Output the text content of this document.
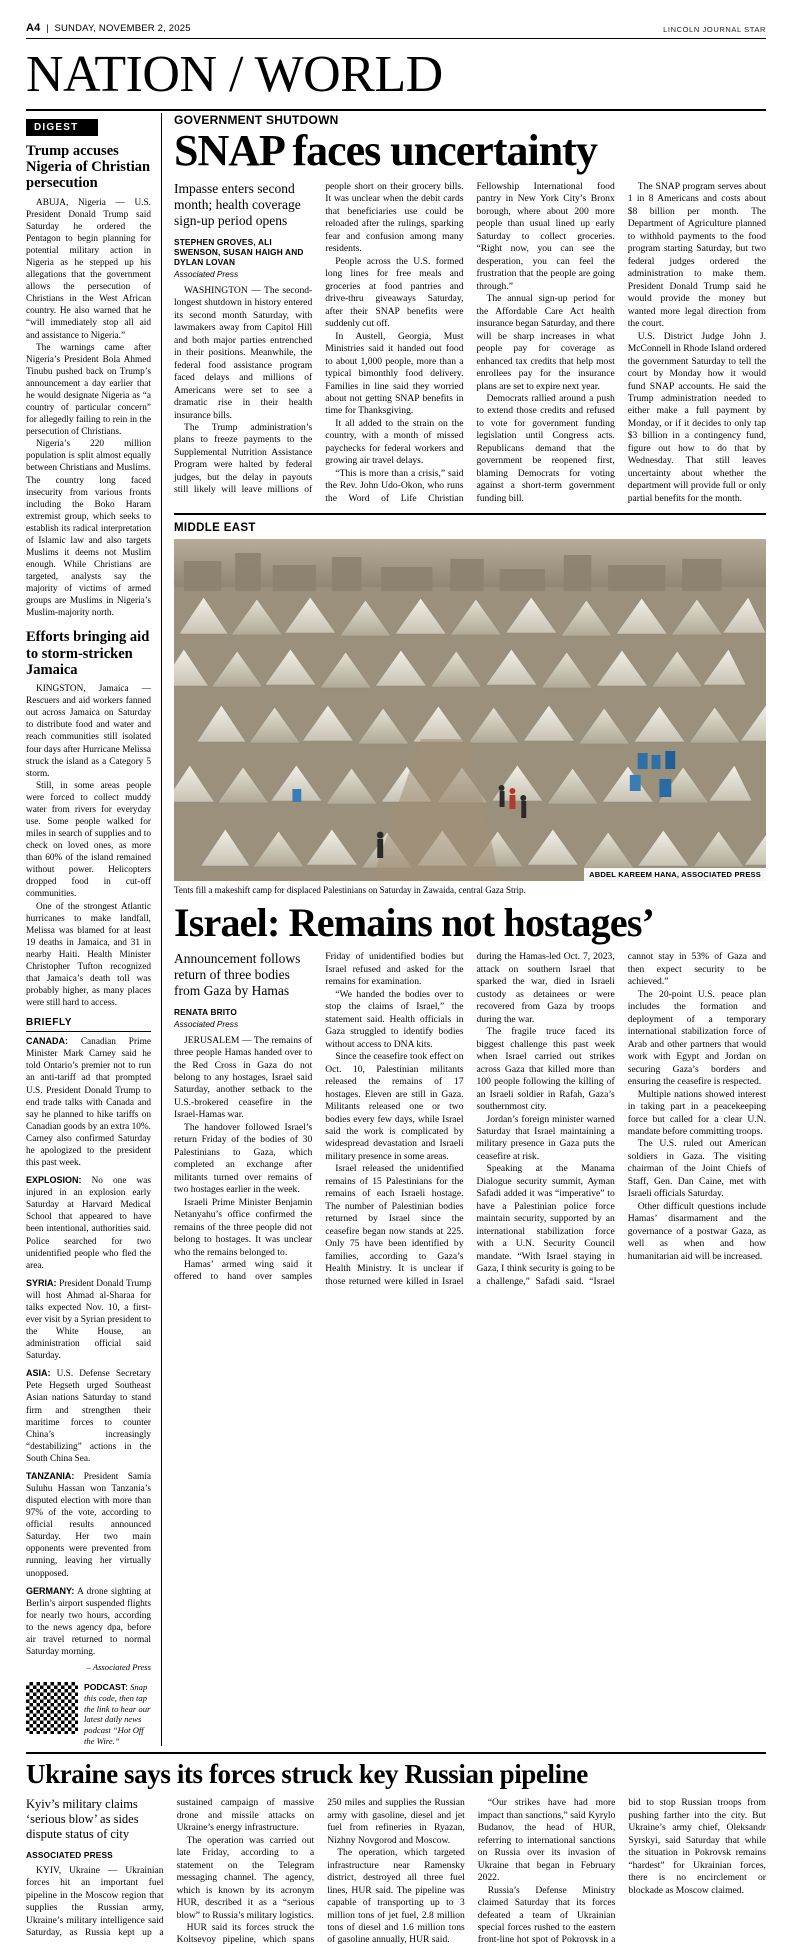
A4  |  SUNDAY, NOVEMBER 2, 2025	LINCOLN JOURNAL STAR
NATION / WORLD
DIGEST
Trump accuses Nigeria of Christian persecution

ABUJA, Nigeria — U.S. President Donald Trump said Saturday he ordered the Pentagon to begin planning for potential military action in Nigeria as he stepped up his allegations that the government allows the persecution of Christians in the West African country. He also warned that he “will immediately stop all aid and assistance to Nigeria.”

The warnings came after Nigeria’s President Bola Ahmed Tinubu pushed back on Trump’s announcement a day earlier that he would designate Nigeria as “a country of particular concern” for allegedly failing to rein in the persecution of Christians.

Nigeria’s 220 million population is split almost equally between Christians and Muslims. The country long faced insecurity from various fronts including the Boko Haram extremist group, which seeks to establish its radical interpretation of Islamic law and also targets Muslims it deems not Muslim enough. While Christians are targeted, analysts say the majority of victims of armed groups are Muslims in Nigeria’s Muslim-majority north.

Efforts bringing aid to storm-stricken Jamaica

KINGSTON, Jamaica — Rescuers and aid workers fanned out across Jamaica on Saturday to distribute food and water and reach communities still isolated four days after Hurricane Melissa struck the island as a Category 5 storm.

Still, in some areas people were forced to collect muddy water from rivers for everyday use. Some people walked for miles in search of supplies and to check on loved ones, as more than 60% of the island remained without power. Helicopters dropped food in cut-off communities.

One of the strongest Atlantic hurricanes to make landfall, Melissa was blamed for at least 19 deaths in Jamaica, and 31 in nearby Haiti. Health Minister Christopher Tufton recognized that Jamaica’s death toll was probably higher, as many places were still hard to access.

BRIEFLY

CANADA: Canadian Prime Minister Mark Carney said he told Ontario’s premier not to run an anti-tariff ad that prompted U.S. President Donald Trump to end trade talks with Canada and say he planned to hike tariffs on Canadian goods by an extra 10%. Carney also confirmed Saturday he apologized to the president this past week.

EXPLOSION: No one was injured in an explosion early Saturday at Harvard Medical School that appeared to have been intentional, authorities said. Police searched for two unidentified people who fled the area.

SYRIA: President Donald Trump will host Ahmad al-Sharaa for talks expected Nov. 10, a first-ever visit by a Syrian president to the White House, an administration official said Saturday.

ASIA: U.S. Defense Secretary Pete Hegseth urged Southeast Asian nations Saturday to stand firm and strengthen their maritime forces to counter China’s increasingly “destabilizing” actions in the South China Sea.

TANZANIA: President Samia Suluhu Hassan won Tanzania’s disputed election with more than 97% of the vote, according to official results announced Saturday. Her two main opponents were prevented from running, leaving her virtually unopposed.

GERMANY: A drone sighting at Berlin’s airport suspended flights for nearly two hours, according to the news agency dpa, before air travel returned to normal Saturday morning.

– Associated Press
PODCAST: Snap this code, then tap the link to hear our latest daily news podcast “Hot Off the Wire.”
GOVERNMENT SHUTDOWN
SNAP faces uncertainty
Impasse enters second month; health coverage sign-up period opens
STEPHEN GROVES, ALI SWENSON, SUSAN HAIGH AND DYLAN LOVAN
Associated Press

WASHINGTON — The second-longest shutdown in history entered its second month Saturday, with lawmakers away from Capitol Hill and both major parties entrenched in their positions. Meanwhile, the federal food assistance program faced delays and millions of Americans were set to see a dramatic rise in their health insurance bills.

The Trump administration’s plans to freeze payments to the Supplemental Nutrition Assistance Program were halted by federal judges, but the delay in payouts still likely will leave millions of people short on their grocery bills. It was unclear when the debit cards that beneficiaries use could be reloaded after the rulings, sparking fear and confusion among many residents.

People across the U.S. formed long lines for free meals and groceries at food pantries and drive-thru giveaways Saturday, after their SNAP benefits were suddenly cut off.

In Austell, Georgia, Must Ministries said it handed out food to about 1,000 people, more than a typical bimonthly food delivery. Families in line said they worried about not getting SNAP benefits in time for Thanksgiving.

It all added to the strain on the country, with a month of missed paychecks for federal workers and growing air travel delays.

“This is more than a crisis,” said the Rev. John Udo-Okon, who runs the Word of Life Christian Fellowship International food pantry in New York City’s Bronx borough, where about 200 more people than usual lined up early Saturday to collect groceries. “Right now, you can see the desperation, you can feel the frustration that the people are going through.”

The annual sign-up period for the Affordable Care Act health insurance began Saturday, and there will be sharp increases in what people pay for coverage as enhanced tax credits that help most enrollees pay for the insurance plans are set to expire next year.

Democrats rallied around a push to extend those credits and refused to vote for government funding legislation until Congress acts. Republicans demand that the government be reopened first, blaming Democrats for voting against a short-term government funding bill.

The SNAP program serves about 1 in 8 Americans and costs about $8 billion per month. The Department of Agriculture planned to withhold payments to the food program starting Saturday, but two federal judges ordered the administration to make them. President Donald Trump said he would provide the money but wanted more legal direction from the court.

U.S. District Judge John J. McConnell in Rhode Island ordered the government Saturday to tell the court by Monday how it would fund SNAP accounts. He said the Trump administration needed to either make a full payment by Monday, or if it decides to only tap $3 billion in a contingency fund, figure out how to do that by Wednesday. That still leaves uncertainty about whether the department will provide full or only partial benefits for the month.

MIDDLE EAST
ABDEL KAREEM HANA, ASSOCIATED PRESS
Tents fill a makeshift camp for displaced Palestinians on Saturday in Zawaida, central Gaza Strip.
Israel: Remains not hostages’
Announcement follows return of three bodies from Gaza by Hamas
RENATA BRITO
Associated Press

JERUSALEM — The remains of three people Hamas handed over to the Red Cross in Gaza do not belong to any hostages, Israel said Saturday, another setback to the U.S.-brokered ceasefire in the Israel-Hamas war.

The handover followed Israel’s return Friday of the bodies of 30 Palestinians to Gaza, which completed an exchange after militants turned over remains of two hostages earlier in the week.

Israeli Prime Minister Benjamin Netanyahu’s office confirmed the remains of the three people did not belong to hostages. It was unclear who the remains belonged to.

Hamas’ armed wing said it offered to hand over samples Friday of unidentified bodies but Israel refused and asked for the remains for examination.

“We handed the bodies over to stop the claims of Israel,” the statement said. Health officials in Gaza struggled to identify bodies without access to DNA kits.

Since the ceasefire took effect on Oct. 10, Palestinian militants released the remains of 17 hostages. Eleven are still in Gaza. Militants released one or two bodies every few days, while Israel said the work is complicated by widespread devastation and Israeli military presence in some areas.

Israel released the unidentified remains of 15 Palestinians for the remains of each Israeli hostage. The number of Palestinian bodies returned by Israel since the ceasefire began now stands at 225. Only 75 have been identified by families, according to Gaza’s Health Ministry. It is unclear if those returned were killed in Israel during the Hamas-led Oct. 7, 2023, attack on southern Israel that sparked the war, died in Israeli custody as detainees or were recovered from Gaza by troops during the war.

The fragile truce faced its biggest challenge this past week when Israel carried out strikes across Gaza that killed more than 100 people following the killing of an Israeli soldier in Rafah, Gaza’s southernmost city.

Jordan’s foreign minister warned Saturday that Israel maintaining a military presence in Gaza puts the ceasefire at risk.

Speaking at the Manama Dialogue security summit, Ayman Safadi added it was “imperative” to have a Palestinian police force maintain security, supported by an international stabilization force with a U.N. Security Council mandate. “With Israel staying in Gaza, I think security is going to be a challenge,” Safadi said. “Israel cannot stay in 53% of Gaza and then expect security to be achieved.”

The 20-point U.S. peace plan includes the formation and deployment of a temporary international stabilization force of Arab and other partners that would work with Egypt and Jordan on securing Gaza’s borders and ensuring the ceasefire is respected.

Multiple nations showed interest in taking part in a peacekeeping force but called for a clear U.N. mandate before committing troops.

The U.S. ruled out American soldiers in Gaza. The visiting chairman of the Joint Chiefs of Staff, Gen. Dan Caine, met with Israeli officials Saturday.

Other difficult questions include Hamas’ disarmament and the governance of a postwar Gaza, as well as when and how humanitarian aid will be increased.

Ukraine says its forces struck key Russian pipeline
Kyiv’s military claims ‘serious blow’ as sides dispute status of city
ASSOCIATED PRESS

KYIV, Ukraine — Ukrainian forces hit an important fuel pipeline in the Moscow region that supplies the Russian army, Ukraine’s military intelligence said Saturday, as Russia kept up a sustained campaign of massive drone and missile attacks on Ukraine’s energy infrastructure.

The operation was carried out late Friday, according to a statement on the Telegram messaging channel. The agency, which is known by its acronym HUR, described it as a “serious blow” to Russia’s military logistics.

HUR said its forces struck the Koltsevoy pipeline, which spans 250 miles and supplies the Russian army with gasoline, diesel and jet fuel from refineries in Ryazan, Nizhny Novgorod and Moscow.

The operation, which targeted infrastructure near Ramensky district, destroyed all three fuel lines, HUR said. The pipeline was capable of transporting up to 3 million tons of jet fuel, 2.8 million tons of diesel and 1.6 million tons of gasoline annually, HUR said.

“Our strikes have had more impact than sanctions,” said Kyrylo Budanov, the head of HUR, referring to international sanctions on Russia over its invasion of Ukraine that began in February 2022.

Russia’s Defense Ministry claimed Saturday that its forces defeated a team of Ukrainian special forces rushed to the eastern front-line hot spot of Pokrovsk in a bid to stop Russian troops from pushing farther into the city. But Ukraine’s army chief, Oleksandr Syrskyi, said Saturday that while the situation in Pokrovsk remains “hardest” for Ukrainian forces, there is no encirclement or blockade as Moscow claimed.
